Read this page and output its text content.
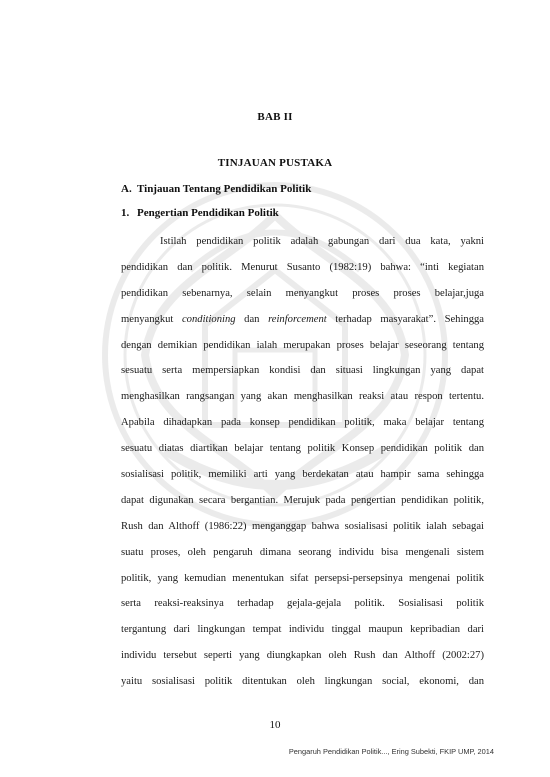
BAB II
TINJAUAN PUSTAKA
A. Tinjauan Tentang Pendidikan Politik
1. Pengertian Pendidikan Politik
Istilah pendidikan politik adalah gabungan dari dua kata, yakni
pendidikan dan politik. Menurut Susanto (1982:19) bahwa: “inti kegiatan
pendidikan sebenarnya, selain menyangkut proses proses belajar,juga
menyangkut conditioning dan reinforcement terhadap masyarakat”. Sehingga
dengan demikian pendidikan ialah merupakan proses belajar seseorang tentang
sesuatu serta mempersiapkan kondisi dan situasi lingkungan yang dapat
menghasilkan rangsangan yang akan menghasilkan reaksi atau respon tertentu.
Apabila dihadapkan pada konsep pendidikan politik, maka belajar tentang
sesuatu diatas diartikan belajar tentang politik Konsep pendidikan politik dan
sosialisasi politik, memiliki arti yang berdekatan atau hampir sama sehingga
dapat digunakan secara bergantian. Merujuk pada pengertian pendidikan politik,
Rush dan Althoff (1986:22) menganggap bahwa sosialisasi politik ialah sebagai
suatu proses, oleh pengaruh dimana seorang individu bisa mengenali sistem
politik, yang kemudian menentukan sifat persepsi-persepsinya mengenai politik
serta reaksi-reaksinya terhadap gejala-gejala politik. Sosialisasi politik
tergantung dari lingkungan tempat individu tinggal maupun kepribadian dari
individu tersebut seperti yang diungkapkan oleh Rush dan Althoff (2002:27)
yaitu sosialisasi politik ditentukan oleh lingkungan social, ekonomi, dan
10
Pengaruh Pendidikan Politik..., Ering Subekti, FKIP UMP, 2014
